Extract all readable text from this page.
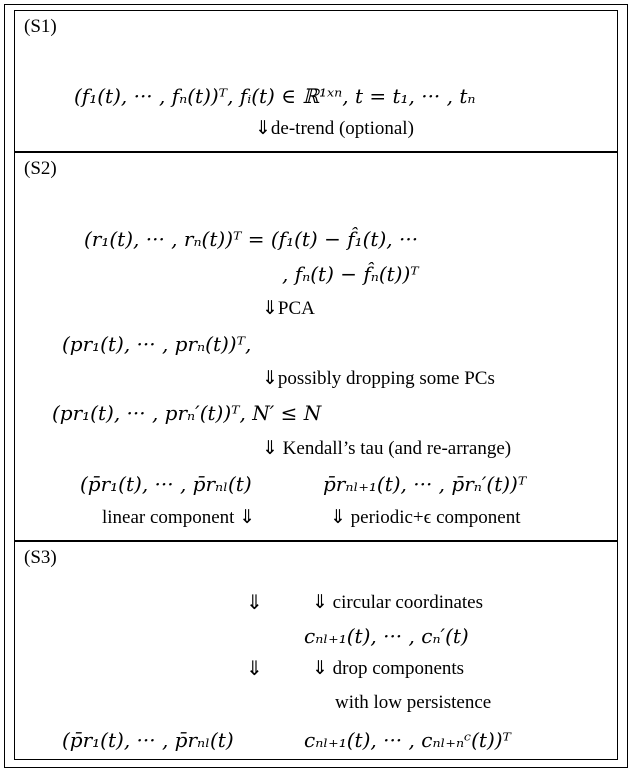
(S1)
(f₁(t), ··· , fₙ(t))ᵀ, fᵢ(t) ∈ ℝ¹ˣⁿ, t = t₁, ··· , tₙ
⇓de-trend (optional)
(S2)
(r₁(t), ··· , rₙ(t))ᵀ = (f₁(t) − f̂₁(t), ···
, fₙ(t) − f̂ₙ(t))ᵀ
⇓PCA
(pr₁(t), ··· , prₙ(t))ᵀ,
⇓possibly dropping some PCs
(pr₁(t), ··· , prₙ′(t))ᵀ, N′ ≤ N
⇓ Kendall’s tau (and re-arrange)
(p̄r₁(t), ··· , p̄rₙₗ(t)	p̄rₙₗ₊₁(t), ··· , p̄rₙ′(t))ᵀ
linear component ⇓	⇓ periodic+ϵ component
(S3)
⇓	⇓ circular coordinates
cₙₗ₊₁(t), ··· , cₙ′(t)
⇓	⇓ drop components
with low persistence
(p̄r₁(t), ··· , p̄rₙₗ(t)	cₙₗ₊₁(t), ··· , cₙₗ₊ₙᶜ(t))ᵀ
